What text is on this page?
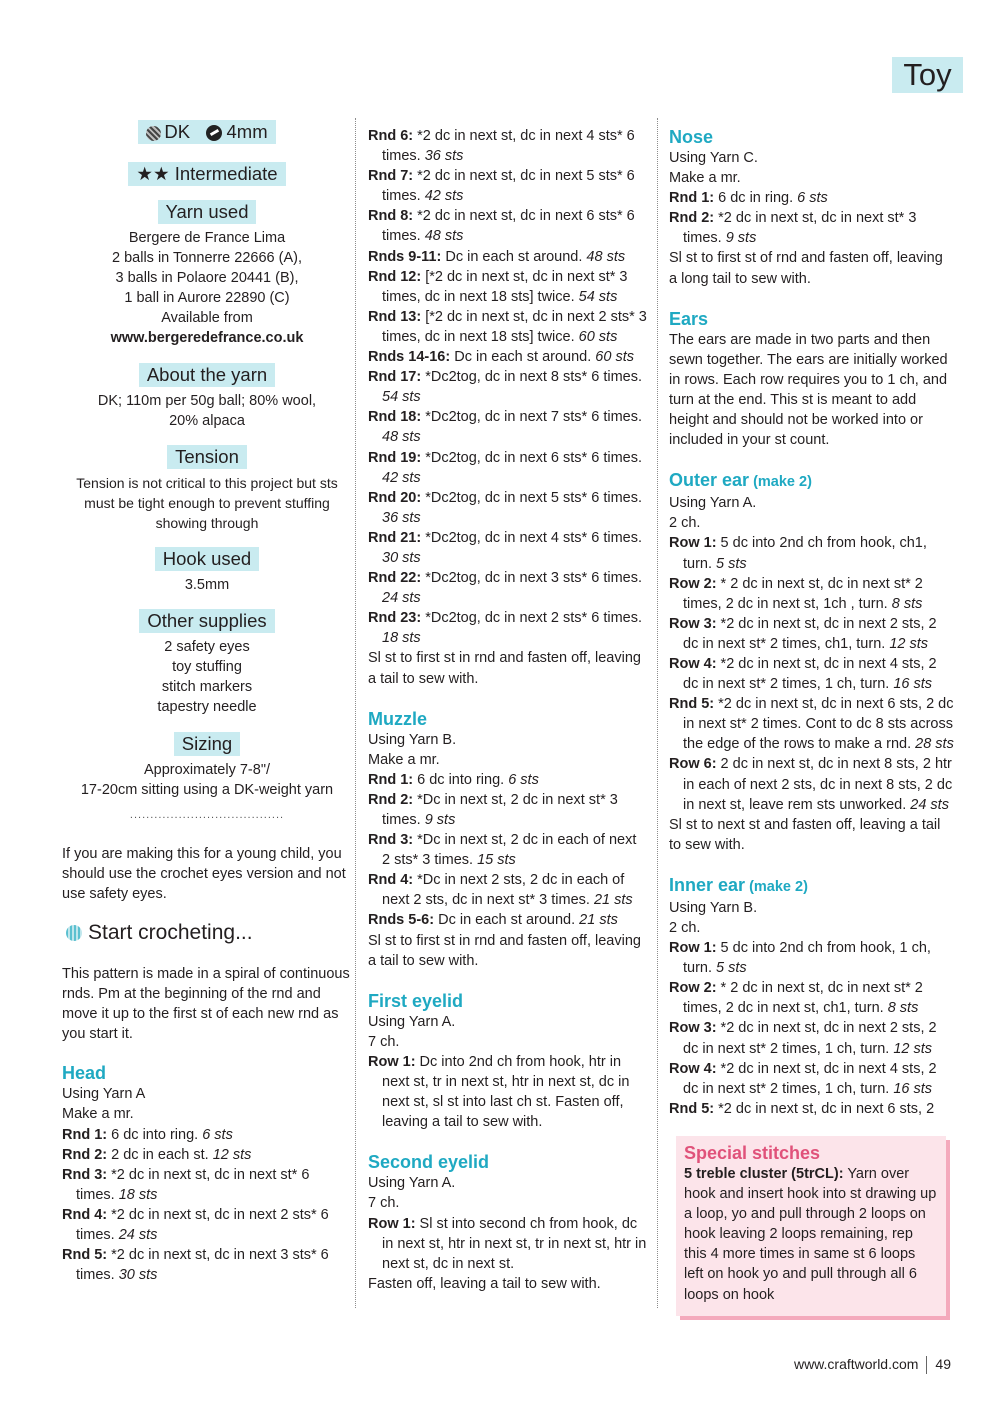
Toy
DK 4mm
★★ Intermediate
Yarn used
Bergere de France Lima
2 balls in Tonnerre 22666 (A),
3 balls in Polaore 20441 (B),
1 ball in Aurore 22890 (C)
Available from
www.bergeredefrance.co.uk
About the yarn
DK; 110m per 50g ball; 80% wool,
20% alpaca
Tension
Tension is not critical to this project but sts
must be tight enough to prevent stuffing
showing through
Hook used
3.5mm
Other supplies
2 safety eyes
toy stuffing
stitch markers
tapestry needle
Sizing
Approximately 7-8"/
17-20cm sitting using a DK-weight yarn
......................................
If you are making this for a young child, you should use the crochet eyes version and not use safety eyes.
Start crocheting...
This pattern is made in a spiral of continuous rnds. Pm at the beginning of the rnd and move it up to the first st of each new rnd as you start it.
Head
Using Yarn A
Make a mr.
Rnd 1: 6 dc into ring. 6 sts
Rnd 2: 2 dc in each st. 12 sts
Rnd 3: *2 dc in next st, dc in next st* 6 times. 18 sts
Rnd 4: *2 dc in next st, dc in next 2 sts* 6 times. 24 sts
Rnd 5: *2 dc in next st, dc in next 3 sts* 6 times. 30 sts
Rnd 6: *2 dc in next st, dc in next 4 sts* 6 times. 36 sts
Rnd 7: *2 dc in next st, dc in next 5 sts* 6 times. 42 sts
Rnd 8: *2 dc in next st, dc in next 6 sts* 6 times. 48 sts
Rnds 9-11: Dc in each st around. 48 sts
Rnd 12: [*2 dc in next st, dc in next st* 3 times, dc in next 18 sts] twice. 54 sts
Rnd 13: [*2 dc in next st, dc in next 2 sts* 3 times, dc in next 18 sts] twice. 60 sts
Rnds 14-16: Dc in each st around. 60 sts
Rnd 17: *Dc2tog, dc in next 8 sts* 6 times. 54 sts
Rnd 18: *Dc2tog, dc in next 7 sts* 6 times. 48 sts
Rnd 19: *Dc2tog, dc in next 6 sts* 6 times. 42 sts
Rnd 20: *Dc2tog, dc in next 5 sts* 6 times. 36 sts
Rnd 21: *Dc2tog, dc in next 4 sts* 6 times. 30 sts
Rnd 22: *Dc2tog, dc in next 3 sts* 6 times. 24 sts
Rnd 23: *Dc2tog, dc in next 2 sts* 6 times. 18 sts
Sl st to first st in rnd and fasten off, leaving a tail to sew with.
Muzzle
Using Yarn B.
Make a mr.
Rnd 1: 6 dc into ring. 6 sts
Rnd 2: *Dc in next st, 2 dc in next st* 3 times. 9 sts
Rnd 3: *Dc in next st, 2 dc in each of next 2 sts* 3 times. 15 sts
Rnd 4: *Dc in next 2 sts, 2 dc in each of next 2 sts, dc in next st* 3 times. 21 sts
Rnds 5-6: Dc in each st around. 21 sts
Sl st to first st in rnd and fasten off, leaving a tail to sew with.
First eyelid
Using Yarn A.
7 ch.
Row 1: Dc into 2nd ch from hook, htr in next st, tr in next st, htr in next st, dc in next st, sl st into last ch st. Fasten off, leaving a tail to sew with.
Second eyelid
Using Yarn A.
7 ch.
Row 1: Sl st into second ch from hook, dc in next st, htr in next st, tr in next st, htr in next st, dc in next st.
Fasten off, leaving a tail to sew with.
Nose
Using Yarn C.
Make a mr.
Rnd 1: 6 dc in ring. 6 sts
Rnd 2: *2 dc in next st, dc in next st* 3 times. 9 sts
Sl st to first st of rnd and fasten off, leaving a long tail to sew with.
Ears
The ears are made in two parts and then sewn together. The ears are initially worked in rows. Each row requires you to 1 ch, and turn at the end. This st is meant to add height and should not be worked into or included in your st count.
Outer ear (make 2)
Using Yarn A.
2 ch.
Row 1: 5 dc into 2nd ch from hook, ch1, turn. 5 sts
Row 2: * 2 dc in next st, dc in next st* 2 times, 2 dc in next st, 1ch , turn. 8 sts
Row 3: *2 dc in next st, dc in next 2 sts, 2 dc in next st* 2 times, ch1, turn. 12 sts
Row 4: *2 dc in next st, dc in next 4 sts, 2 dc in next st* 2 times, 1 ch, turn. 16 sts
Rnd 5: *2 dc in next st, dc in next 6 sts, 2 dc in next st* 2 times. Cont to dc 8 sts across the edge of the rows to make a rnd. 28 sts
Row 6: 2 dc in next st, dc in next 8 sts, 2 htr in each of next 2 sts, dc in next 8 sts, 2 dc in next st, leave rem sts unworked. 24 sts
Sl st to next st and fasten off, leaving a tail to sew with.
Inner ear (make 2)
Using Yarn B.
2 ch.
Row 1: 5 dc into 2nd ch from hook, 1 ch, turn. 5 sts
Row 2: * 2 dc in next st, dc in next st* 2 times, 2 dc in next st, ch1, turn. 8 sts
Row 3: *2 dc in next st, dc in next 2 sts, 2 dc in next st* 2 times, 1 ch, turn. 12 sts
Row 4: *2 dc in next st, dc in next 4 sts, 2 dc in next st* 2 times, 1 ch, turn. 16 sts
Rnd 5: *2 dc in next st, dc in next 6 sts, 2
Special stitches
5 treble cluster (5trCL): Yarn over hook and insert hook into st drawing up a loop, yo and pull through 2 loops on hook leaving 2 loops remaining, rep this 4 more times in same st 6 loops left on hook yo and pull through all 6 loops on hook
www.craftworld.com 49
